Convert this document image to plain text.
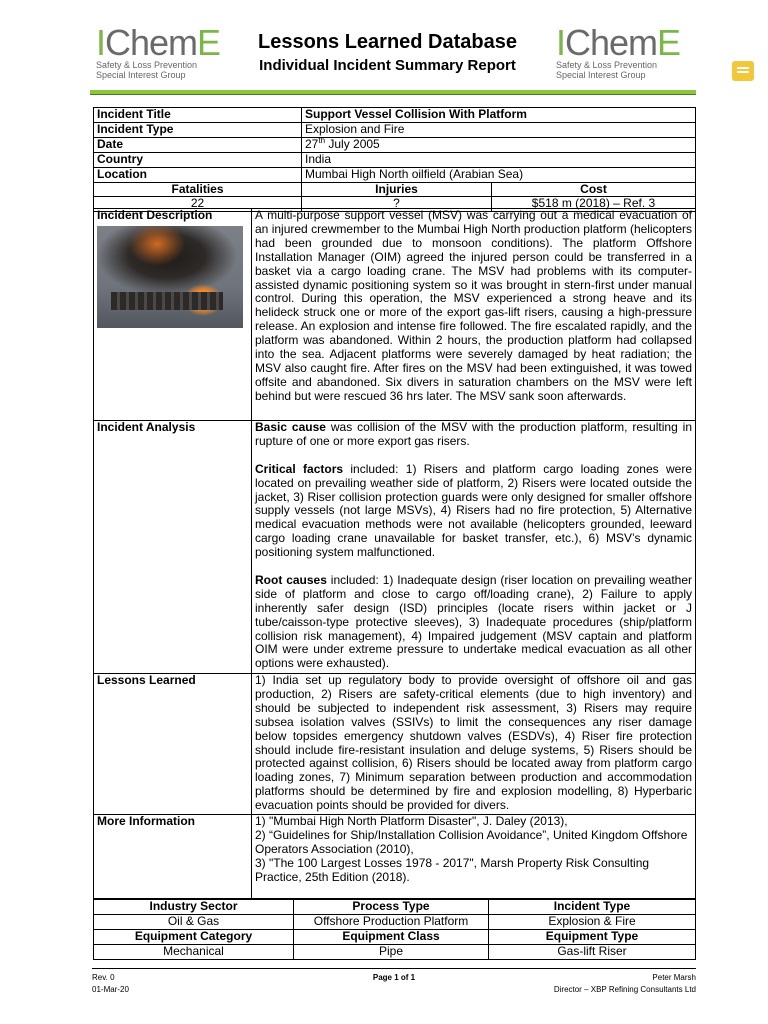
IChemE
Safety & Loss Prevention
Special Interest Group
Lessons Learned Database
Individual Incident Summary Report
IChemE
Safety & Loss Prevention
Special Interest Group
Incident Title	Support Vessel Collision With Platform	
Incident Type	Explosion and Fire	
Date	27th July 2005	
Country	India	
Location	Mumbai High North oilfield (Arabian Sea)	
Fatalities	Injuries	Cost
22	?	$518 m (2018) – Ref. 3
Incident Description	A multi-purpose support vessel (MSV) was carrying out a medical evacuation of an injured crewmember to the Mumbai High North production platform (helicopters had been grounded due to monsoon conditions). The platform Offshore Installation Manager (OIM) agreed the injured person could be transferred in a basket via a cargo loading crane. The MSV had problems with its computer-assisted dynamic positioning system so it was brought in stern-first under manual control. During this operation, the MSV experienced a strong heave and its helideck struck one or more of the export gas-lift risers, causing a high-pressure release. An explosion and intense fire followed. The fire escalated rapidly, and the platform was abandoned. Within 2 hours, the production platform had collapsed into the sea. Adjacent platforms were severely damaged by heat radiation; the MSV also caught fire. After fires on the MSV had been extinguished, it was towed offsite and abandoned. Six divers in saturation chambers on the MSV were left behind but were rescued 36 hrs later. The MSV sank soon afterwards.
Incident Analysis	Basic cause was collision of the MSV with the production platform, resulting in rupture of one or more export gas risers.

Critical factors included: 1) Risers and platform cargo loading zones were located on prevailing weather side of platform, 2) Risers were located outside the jacket, 3) Riser collision protection guards were only designed for smaller offshore supply vessels (not large MSVs), 4) Risers had no fire protection, 5) Alternative medical evacuation methods were not available (helicopters grounded, leeward cargo loading crane unavailable for basket transfer, etc.), 6) MSV’s dynamic positioning system malfunctioned.

Root causes included: 1) Inadequate design (riser location on prevailing weather side of platform and close to cargo off/loading crane), 2) Failure to apply inherently safer design (ISD) principles (locate risers within jacket or J tube/caisson-type protective sleeves), 3) Inadequate procedures (ship/platform collision risk management), 4) Impaired judgement (MSV captain and platform OIM were under extreme pressure to undertake medical evacuation as all other options were exhausted).

Lessons Learned	1) India set up regulatory body to provide oversight of offshore oil and gas production, 2) Risers are safety-critical elements (due to high inventory) and should be subjected to independent risk assessment, 3) Risers may require subsea isolation valves (SSIVs) to limit the consequences any riser damage below topsides emergency shutdown valves (ESDVs), 4) Riser fire protection should include fire-resistant insulation and deluge systems, 5) Risers should be protected against collision, 6) Risers should be located away from platform cargo loading zones, 7) Minimum separation between production and accommodation platforms should be determined by fire and explosion modelling, 8) Hyperbaric evacuation points should be provided for divers.
More Information	1) "Mumbai High North Platform Disaster", J. Daley (2013),
2) “Guidelines for Ship/Installation Collision Avoidance”, United Kingdom Offshore Operators Association (2010),
3) "The 100 Largest Losses 1978 - 2017", Marsh Property Risk Consulting Practice, 25th Edition (2018).
Industry Sector	Process Type	Incident Type
Oil & Gas	Offshore Production Platform	Explosion & Fire
Equipment Category	Equipment Class	Equipment Type
Mechanical	Pipe	Gas-lift Riser
Rev. 0	Page 1 of 1	Peter Marsh
01-Mar-20	Director – XBP Refining Consultants Ltd
